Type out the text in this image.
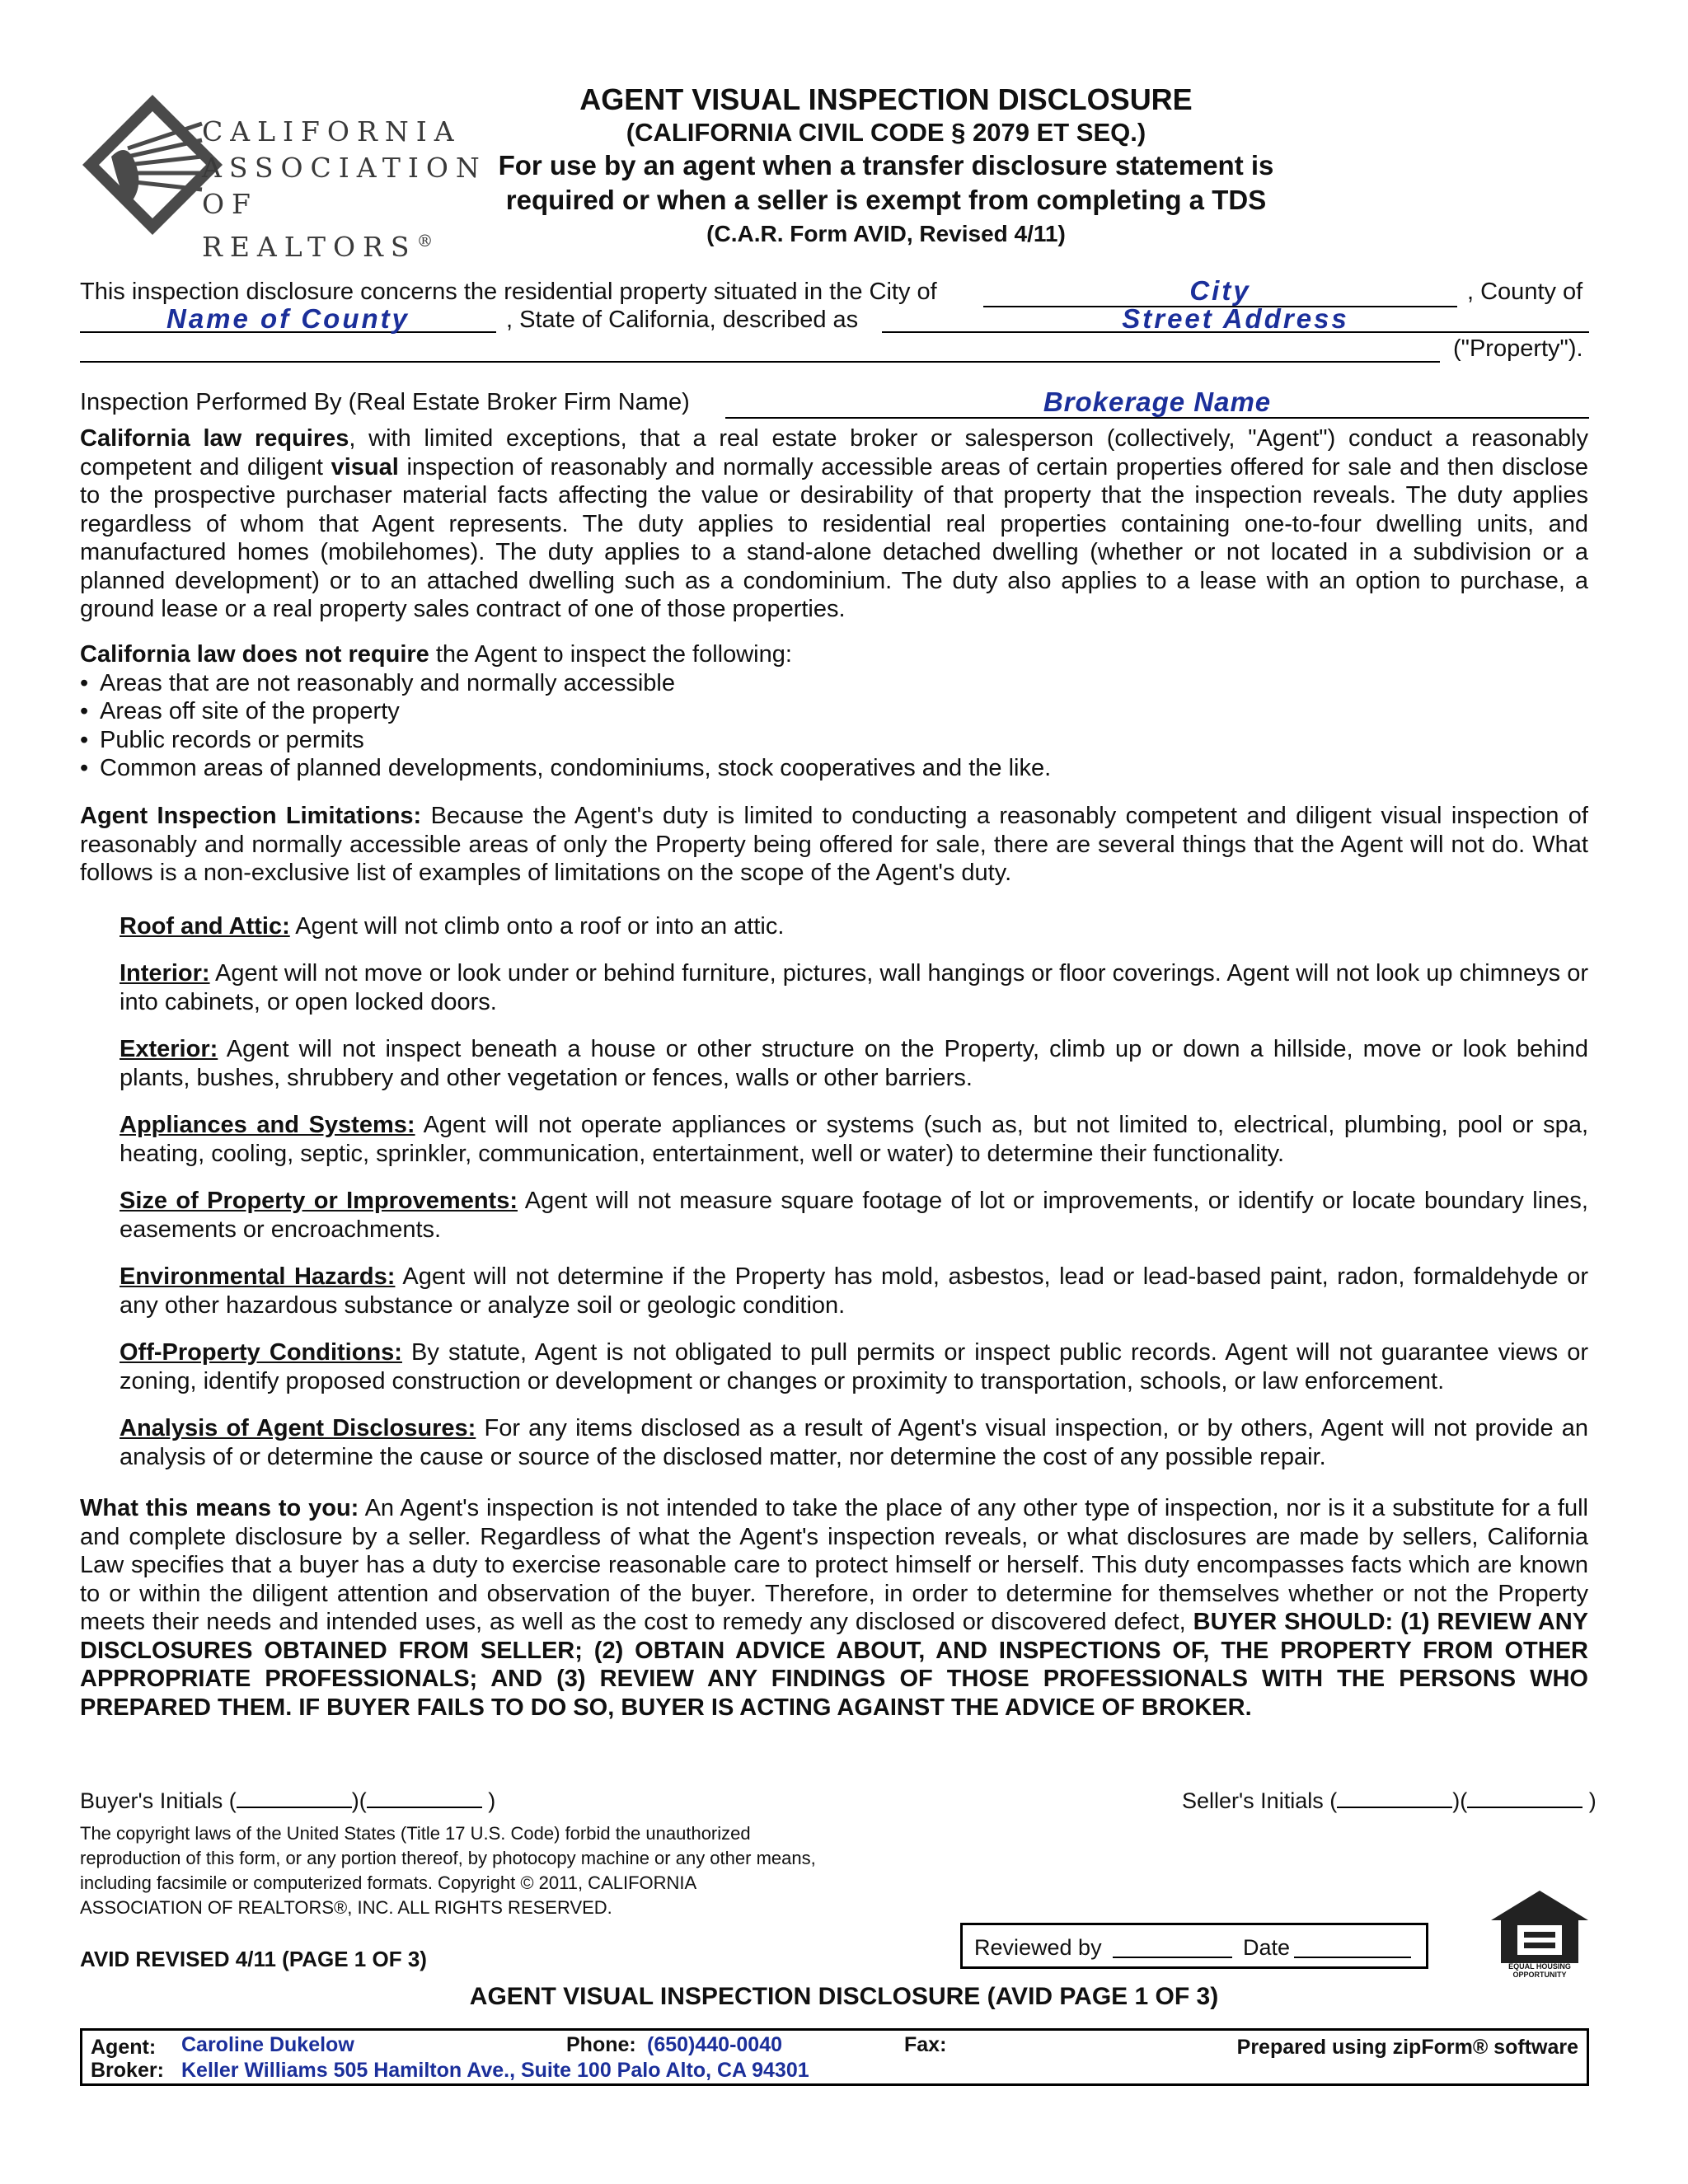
CALIFORNIA
ASSOCIATION
OF REALTORS®
AGENT VISUAL INSPECTION DISCLOSURE
(CALIFORNIA CIVIL CODE § 2079 ET SEQ.)
For use by an agent when a transfer disclosure statement is
required or when a seller is exempt from completing a TDS
(C.A.R. Form AVID, Revised 4/11)
This inspection disclosure concerns the residential property situated in the City of	City	, County of
Name of County	, State of California, described as	Street Address
("Property").
Inspection Performed By (Real Estate Broker Firm Name)	Brokerage Name

California law requires, with limited exceptions, that a real estate broker or salesperson (collectively, "Agent") conduct a reasonably competent and diligent visual inspection of reasonably and normally accessible areas of certain properties offered for sale and then disclose to the prospective purchaser material facts affecting the value or desirability of that property that the inspection reveals. The duty applies regardless of whom that Agent represents. The duty applies to residential real properties containing one-to-four dwelling units, and manufactured homes (mobilehomes). The duty applies to a stand-alone detached dwelling (whether or not located in a subdivision or a planned development) or to an attached dwelling such as a condominium. The duty also applies to a lease with an option to purchase, a ground lease or a real property sales contract of one of those properties.

California law does not require the Agent to inspect the following:

• Areas that are not reasonably and normally accessible
• Areas off site of the property
• Public records or permits
• Common areas of planned developments, condominiums, stock cooperatives and the like.

Agent Inspection Limitations: Because the Agent's duty is limited to conducting a reasonably competent and diligent visual inspection of reasonably and normally accessible areas of only the Property being offered for sale, there are several things that the Agent will not do. What follows is a non-exclusive list of examples of limitations on the scope of the Agent's duty.

Roof and Attic: Agent will not climb onto a roof or into an attic.
Interior: Agent will not move or look under or behind furniture, pictures, wall hangings or floor coverings. Agent will not look up chimneys or into cabinets, or open locked doors.
Exterior: Agent will not inspect beneath a house or other structure on the Property, climb up or down a hillside, move or look behind plants, bushes, shrubbery and other vegetation or fences, walls or other barriers.
Appliances and Systems: Agent will not operate appliances or systems (such as, but not limited to, electrical, plumbing, pool or spa, heating, cooling, septic, sprinkler, communication, entertainment, well or water) to determine their functionality.
Size of Property or Improvements: Agent will not measure square footage of lot or improvements, or identify or locate boundary lines, easements or encroachments.
Environmental Hazards: Agent will not determine if the Property has mold, asbestos, lead or lead-based paint, radon, formaldehyde or any other hazardous substance or analyze soil or geologic condition.
Off-Property Conditions: By statute, Agent is not obligated to pull permits or inspect public records. Agent will not guarantee views or zoning, identify proposed construction or development or changes or proximity to transportation, schools, or law enforcement.
Analysis of Agent Disclosures: For any items disclosed as a result of Agent's visual inspection, or by others, Agent will not provide an analysis of or determine the cause or source of the disclosed matter, nor determine the cost of any possible repair.

What this means to you: An Agent's inspection is not intended to take the place of any other type of inspection, nor is it a substitute for a full and complete disclosure by a seller. Regardless of what the Agent's inspection reveals, or what disclosures are made by sellers, California Law specifies that a buyer has a duty to exercise reasonable care to protect himself or herself. This duty encompasses facts which are known to or within the diligent attention and observation of the buyer. Therefore, in order to determine for themselves whether or not the Property meets their needs and intended uses, as well as the cost to remedy any disclosed or discovered defect, BUYER SHOULD: (1) REVIEW ANY DISCLOSURES OBTAINED FROM SELLER; (2) OBTAIN ADVICE ABOUT, AND INSPECTIONS OF, THE PROPERTY FROM OTHER APPROPRIATE PROFESSIONALS; AND (3) REVIEW ANY FINDINGS OF THOSE PROFESSIONALS WITH THE PERSONS WHO PREPARED THEM. IF BUYER FAILS TO DO SO, BUYER IS ACTING AGAINST THE ADVICE OF BROKER.

Buyer's Initials (	)(	)	Seller's Initials (	)(	)
The copyright laws of the United States (Title 17 U.S. Code) forbid the unauthorized reproduction of this form, or any portion thereof, by photocopy machine or any other means, including facsimile or computerized formats. Copyright © 2011, CALIFORNIA ASSOCIATION OF REALTORS®, INC. ALL RIGHTS RESERVED.
AVID REVISED 4/11 (PAGE 1 OF 3)	Reviewed by	Date
EQUAL HOUSING
OPPORTUNITY
AGENT VISUAL INSPECTION DISCLOSURE (AVID PAGE 1 OF 3)
Agent: Caroline Dukelow	Phone: (650)440-0040	Fax:	Prepared using zipForm® software
Broker: Keller Williams 505 Hamilton Ave., Suite 100 Palo Alto, CA 94301
